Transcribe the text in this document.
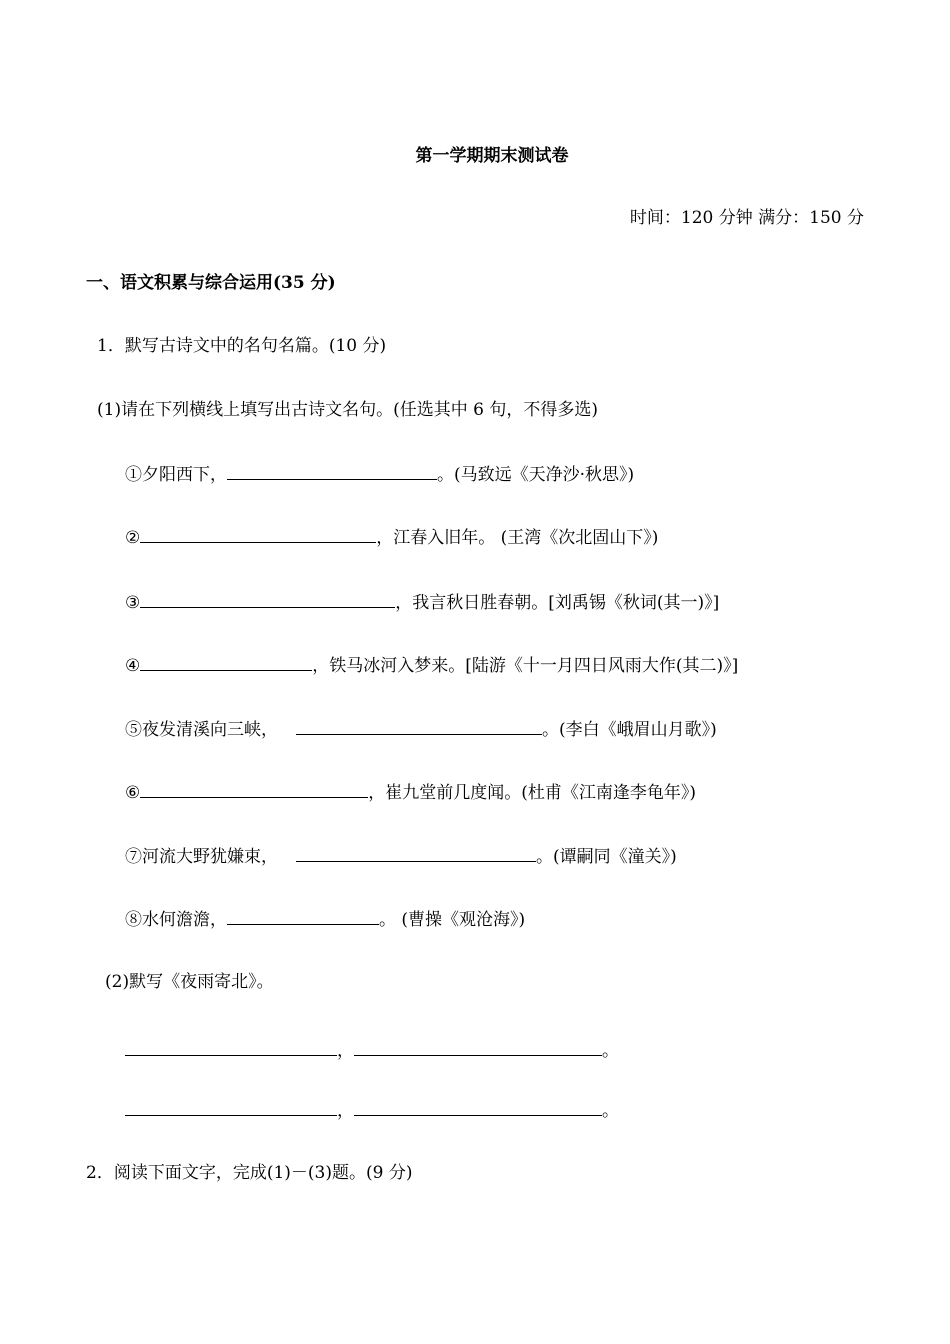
第一学期期末测试卷
时间：120 分钟 满分：150 分
一、语文积累与综合运用(35 分)
1．默写古诗文中的名句名篇。(10 分)
(1)请在下列横线上填写出古诗文名句。(任选其中 6 句，不得多选)
①夕阳西下，	。(马致远《天净沙·秋思》)
②	，江春入旧年。 (王湾《次北固山下》)
③	，我言秋日胜春朝。[刘禹锡《秋词(其一)》]
④	，铁马冰河入梦来。[陆游《十一月四日风雨大作(其二)》]
⑤夜发清溪向三峡，	。(李白《峨眉山月歌》)
⑥	，崔九堂前几度闻。(杜甫《江南逢李龟年》)
⑦河流大野犹嫌束，	。(谭嗣同《潼关》)
⑧水何澹澹，	。 (曹操《观沧海》)
(2)默写《夜雨寄北》。
，	。
，	。
2．阅读下面文字，完成(1)－(3)题。(9 分)
